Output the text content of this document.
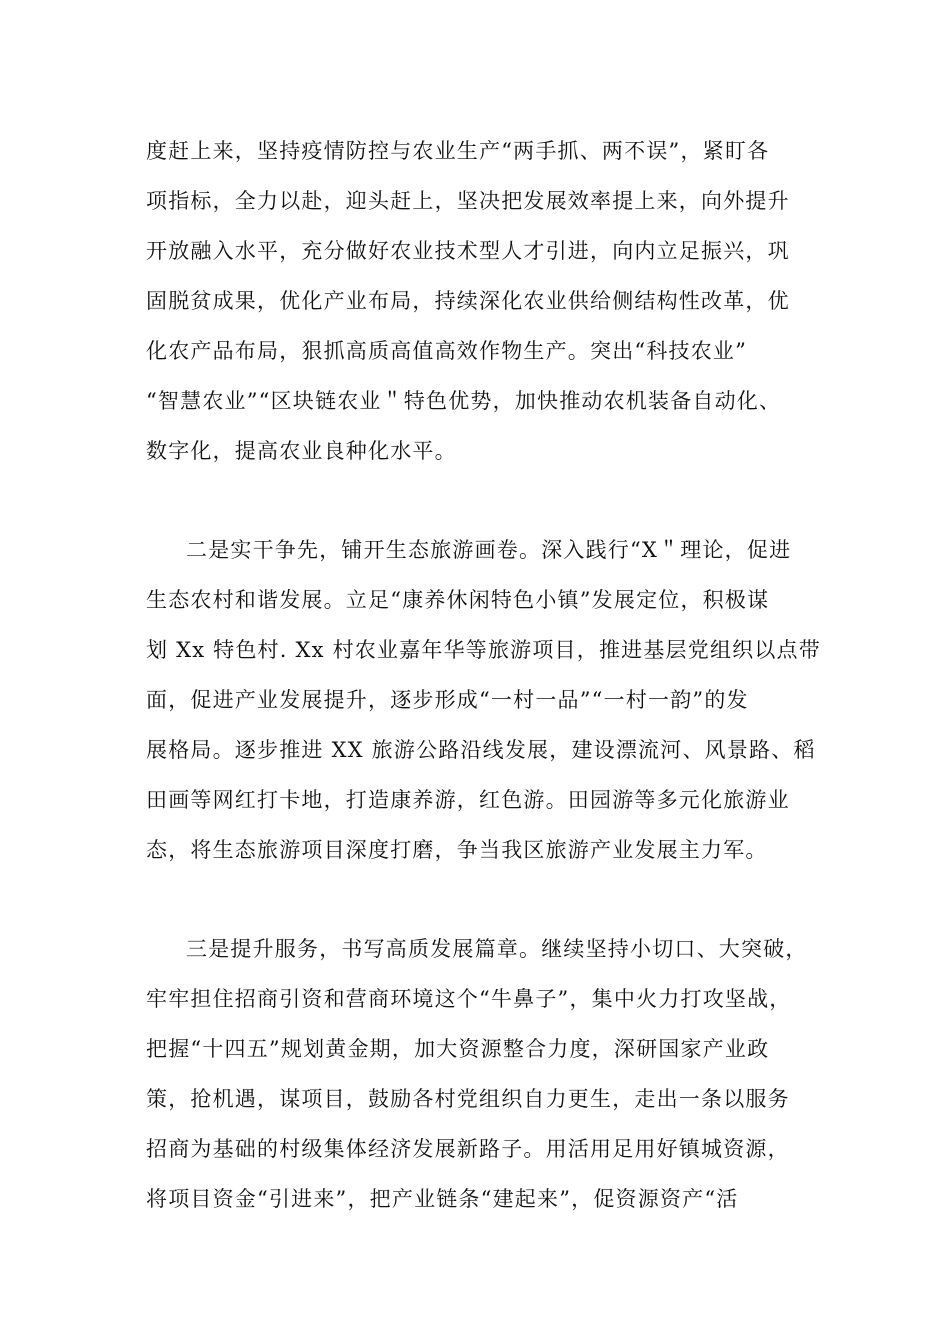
度赶上来，坚持疫情防控与农业生产“两手抓、两不误”，紧盯各
项指标，全力以赴，迎头赶上，坚决把发展效率提上来，向外提升
开放融入水平，充分做好农业技术型人才引进，向内立足振兴，巩
固脱贫成果，优化产业布局，持续深化农业供给侧结构性改革，优
化农产品布局，狠抓高质高值高效作物生产。突出“科技农业”
“智慧农业”“区块链农业＂特色优势，加快推动农机装备自动化、
数字化，提高农业良种化水平。
二是实干争先，铺开生态旅游画卷。深入践行“X＂理论，促进
生态农村和谐发展。立足“康养休闲特色小镇”发展定位，积极谋
划 Xx 特色村. Xx 村农业嘉年华等旅游项目，推进基层党组织以点带
面，促进产业发展提升，逐步形成“一村一品”“一村一韵”的发
展格局。逐步推进 XX 旅游公路沿线发展，建设漂流河、风景路、稻
田画等网红打卡地，打造康养游，红色游。田园游等多元化旅游业
态，将生态旅游项目深度打磨，争当我区旅游产业发展主力军。
三是提升服务，书写高质发展篇章。继续坚持小切口、大突破，
牢牢担住招商引资和营商环境这个“牛鼻子”，集中火力打攻坚战，
把握“十四五”规划黄金期，加大资源整合力度，深研国家产业政
策，抢机遇，谋项目，鼓励各村党组织自力更生，走出一条以服务
招商为基础的村级集体经济发展新路子。用活用足用好镇城资源，
将项目资金“引进来”，把产业链条“建起来”，促资源资产“活
